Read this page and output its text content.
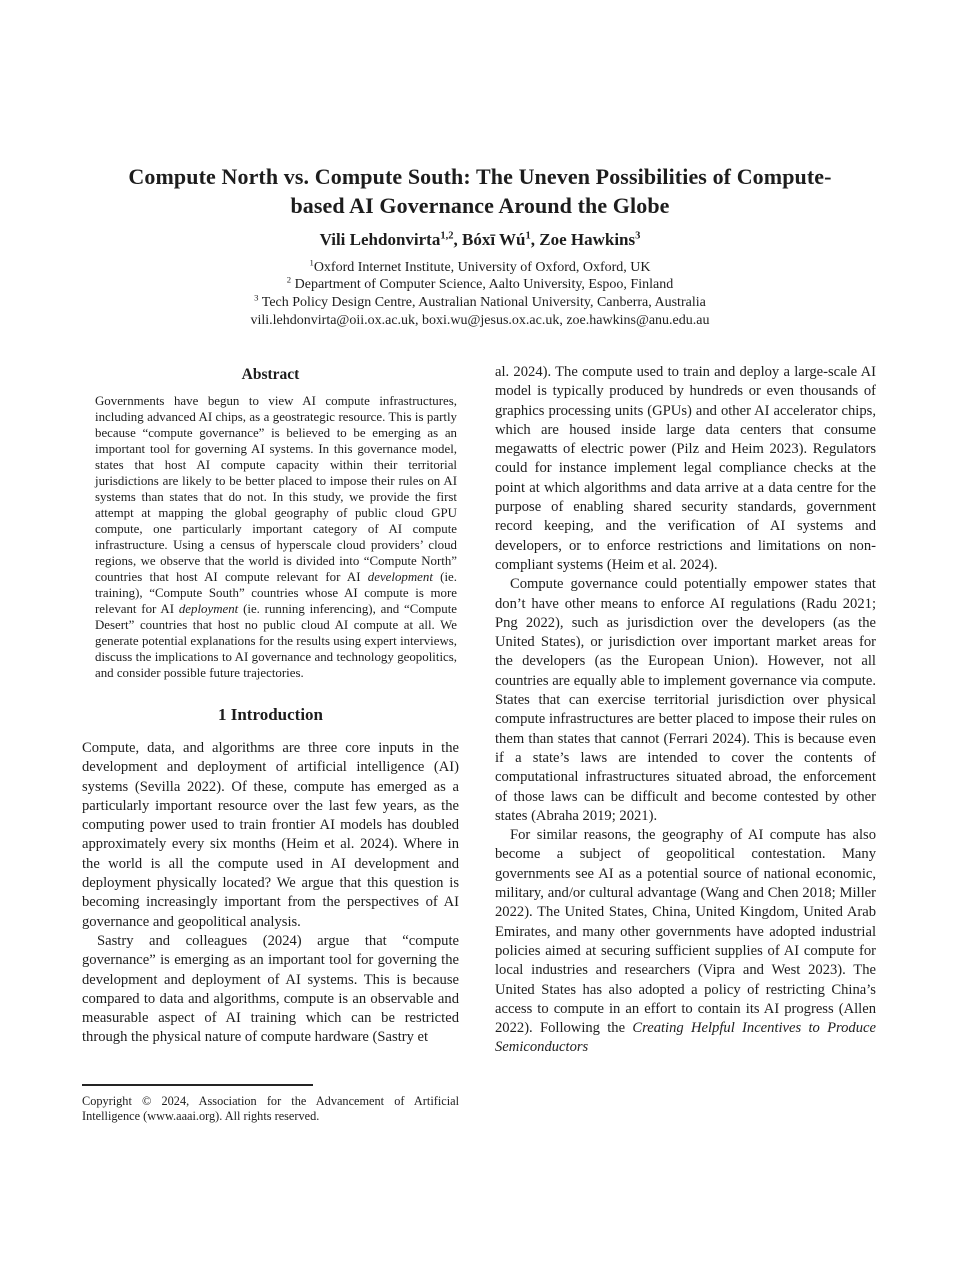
Compute North vs. Compute South: The Uneven Possibilities of Compute-
based AI Governance Around the Globe
Vili Lehdonvirta$^{1,2}$, Bóxī $Wú^1$, Zoe Hawkins$^3$
$^1$Oxford Internet Institute, University of Oxford, Oxford, UK
$^2$ Department of Computer Science, Aalto University, Espoo, Finland
$^3$ Tech Policy Design Centre, Australian National University, Canberra, Australia
vili.lehdonvirta@oii.ox.ac.uk, boxi.wu@jesus.ox.ac.uk, zoe.hawkins@anu.edu.au
Abstract

Governments have begun to view AI compute infrastructures, including advanced AI chips, as a geostrategic resource. This is partly because “compute governance” is believed to be emerging as an important tool for governing AI systems. In this governance model, states that host AI compute capacity within their territorial jurisdictions are likely to be better placed to impose their rules on AI systems than states that do not. In this study, we provide the first attempt at mapping the global geography of public cloud GPU compute, one particularly important category of AI compute infrastructure. Using a census of hyperscale cloud providers’ cloud regions, we observe that the world is divided into “Compute North” countries that host AI compute relevant for AI development (ie. training), “Compute South” countries whose AI compute is more relevant for AI deployment (ie. running inferencing), and “Compute Desert” countries that host no public cloud AI compute at all. We generate potential explanations for the results using expert interviews, discuss the implications to AI governance and technology geopolitics, and consider possible future trajectories.

1 Introduction

Compute, data, and algorithms are three core inputs in the development and deployment of artificial intelligence (AI) systems (Sevilla 2022). Of these, compute has emerged as a particularly important resource over the last few years, as the computing power used to train frontier AI models has doubled approximately every six months (Heim et al. 2024). Where in the world is all the compute used in AI development and deployment physically located? We argue that this question is becoming increasingly important from the perspectives of AI governance and geopolitical analysis.

Sastry and colleagues (2024) argue that “compute governance” is emerging as an important tool for governing the development and deployment of AI systems. This is because compared to data and algorithms, compute is an observable and measurable aspect of AI training which can be restricted through the physical nature of compute hardware (Sastry et

al. 2024). The compute used to train and deploy a large-scale AI model is typically produced by hundreds or even thousands of graphics processing units (GPUs) and other AI accelerator chips, which are housed inside large data centers that consume megawatts of electric power (Pilz and Heim 2023). Regulators could for instance implement legal compliance checks at the point at which algorithms and data arrive at a data centre for the purpose of enabling shared security standards, government record keeping, and the verification of AI systems and developers, or to enforce restrictions and limitations on non-compliant systems (Heim et al. 2024).

Compute governance could potentially empower states that don’t have other means to enforce AI regulations (Radu 2021; Png 2022), such as jurisdiction over the developers (as the United States), or jurisdiction over important market areas for the developers (as the European Union). However, not all countries are equally able to implement governance via compute. States that can exercise territorial jurisdiction over physical compute infrastructures are better placed to impose their rules on them than states that cannot (Ferrari 2024). This is because even if a state’s laws are intended to cover the contents of computational infrastructures situated abroad, the enforcement of those laws can be difficult and become contested by other states (Abraha 2019; 2021).

For similar reasons, the geography of AI compute has also become a subject of geopolitical contestation. Many governments see AI as a potential source of national economic, military, and/or cultural advantage (Wang and Chen 2018; Miller 2022). The United States, China, United Kingdom, United Arab Emirates, and many other governments have adopted industrial policies aimed at securing sufficient supplies of AI compute for local industries and researchers (Vipra and West 2023). The United States has also adopted a policy of restricting China’s access to compute in an effort to contain its AI progress (Allen 2022). Following the Creating Helpful Incentives to Produce Semiconductors

Copyright © 2024, Association for the Advancement of Artificial Intelligence (www.aaai.org). All rights reserved.
